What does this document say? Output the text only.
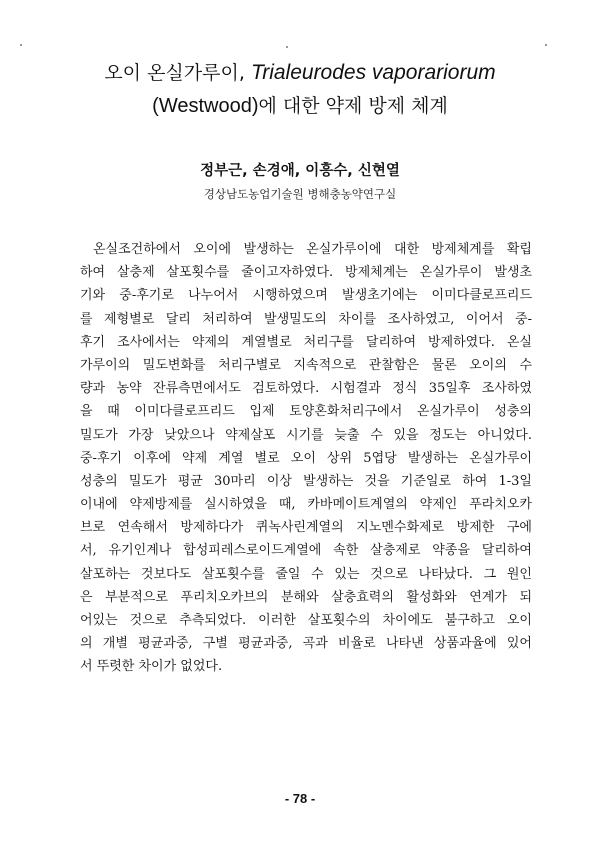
오이 온실가루이, Trialeurodes vaporariorum
(Westwood)에 대한 약제 방제 체계
정부근, 손경애, 이흥수, 신현열
경상남도농업기술원 병해충농약연구실
온실조건하에서 오이에 발생하는 온실가루이에 대한 방제체계를 확립
하여 살충제 살포횟수를 줄이고자하였다. 방제체계는 온실가루이 발생초
기와 중-후기로 나누어서 시행하였으며 발생초기에는 이미다클로프리드
를 제형별로 달리 처리하여 발생밀도의 차이를 조사하였고, 이어서 중-
후기 조사에서는 약제의 계열별로 처리구를 달리하여 방제하였다. 온실
가루이의 밀도변화를 처리구별로 지속적으로 관찰함은 물론 오이의 수
량과 농약 잔류측면에서도 검토하였다. 시험결과 정식 35일후 조사하였
을 때 이미다클로프리드 입제 토양혼화처리구에서 온실가루이 성충의
밀도가 가장 낮았으나 약제살포 시기를 늦출 수 있을 정도는 아니었다.
중-후기 이후에 약제 계열 별로 오이 상위 5엽당 발생하는 온실가루이
성충의 밀도가 평균 30마리 이상 발생하는 것을 기준일로 하여 1-3일
이내에 약제방제를 실시하였을 때, 카바메이트계열의 약제인 푸라치오카
브로 연속해서 방제하다가 퀴녹사린계열의 지노멘수화제로 방제한 구에
서, 유기인계나 합성피레스로이드계열에 속한 살충제로 약종을 달리하여
살포하는 것보다도 살포횟수를 줄일 수 있는 것으로 나타났다. 그 원인
은 부분적으로 푸리치오카브의 분해와 살충효력의 활성화와 연계가 되
어있는 것으로 추측되었다. 이러한 살포횟수의 차이에도 불구하고 오이
의 개별 평균과중, 구별 평균과중, 곡과 비율로 나타낸 상품과율에 있어
서 뚜렷한 차이가 없었다.
- 78 -
